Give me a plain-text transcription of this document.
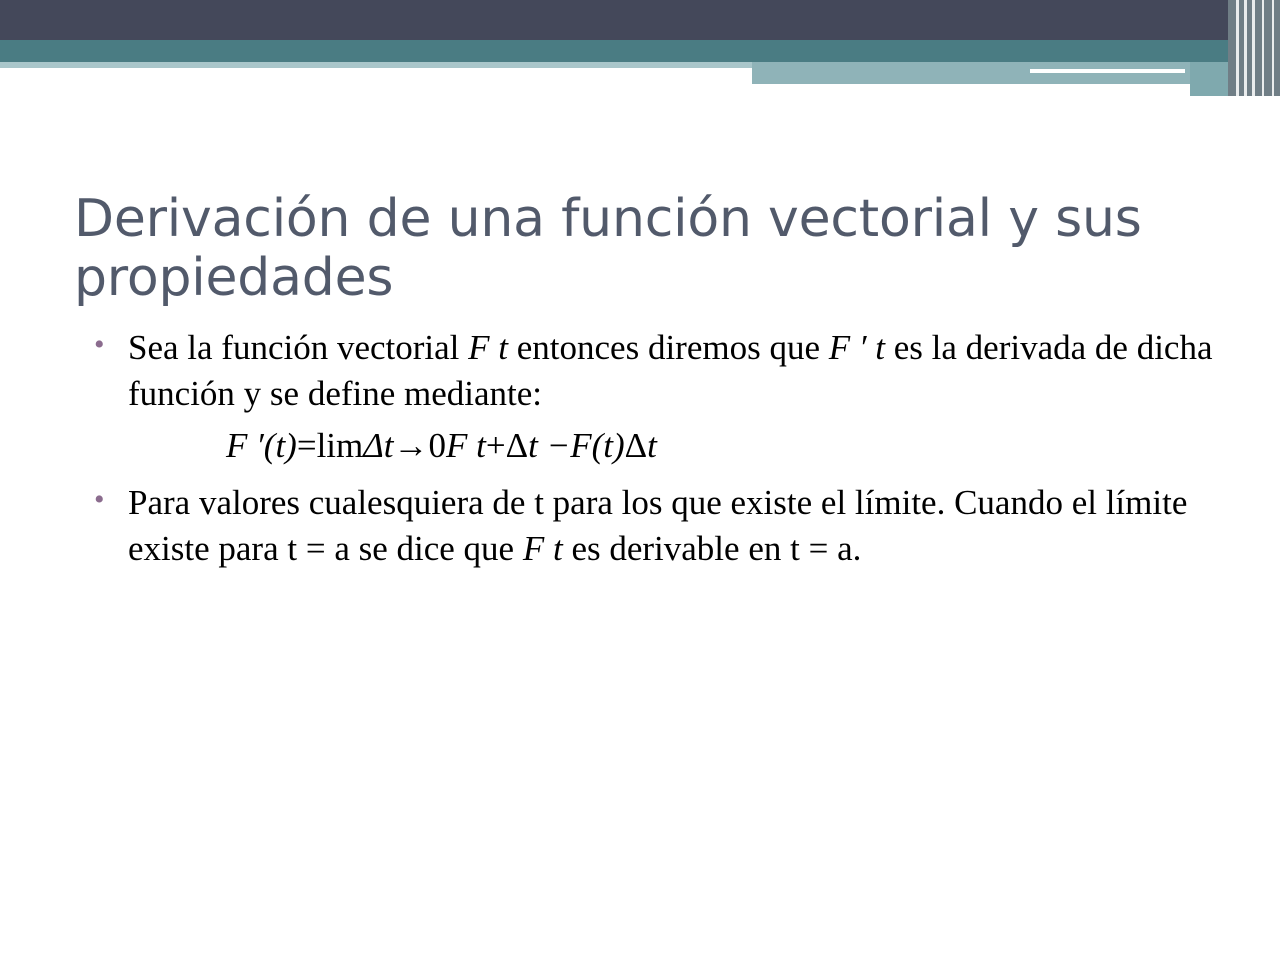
Derivación de una función vectorial y sus propiedades
• Sea la función vectorial F t entonces diremos que F ′ t es la derivada de dicha función y se define mediante:
F ′(t)=limΔt→0F t+Δt −F(t)Δt
• Para valores cualesquiera de t para los que existe el límite. Cuando el límite existe para t = a se dice que F t es derivable en t = a.
